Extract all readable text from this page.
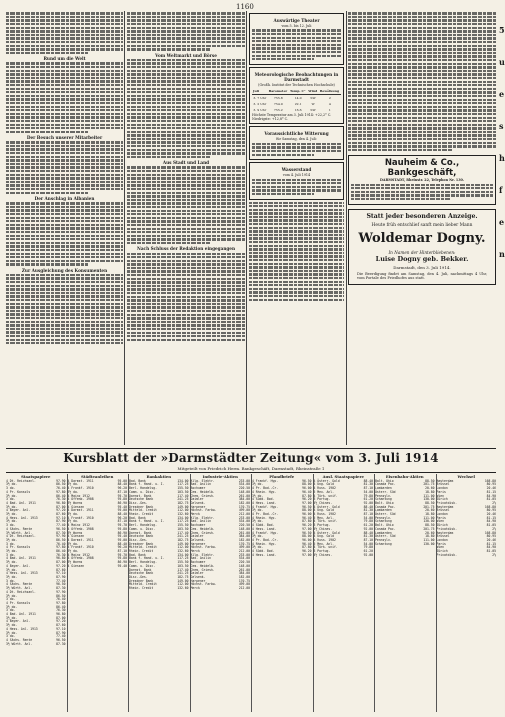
1160
Rund um die Welt
Der Besuch unserer Mitarbeiter
Der Anschlag in Albanien
Zur Ausgleichung des Konsumenten
Vom Weltmarkt und Börse
Aus Stadt und Land
Nach Schluss der Redaktion eingegangen
Auswärtige Theater
vom 5. bis 12. Juli
Meteorologische Beobachtungen in Darmstadt
(Großh. Institut der Technischen Hochschule)
Juli	Barometer	Temp. C°	Wind	Bewölkung
3. 7 Uhr	755.8	14.0	SW	2
3. 2 Uhr	754.9	22.1	W	4
3. 9 Uhr	755.2	16.6	SW	1
Höchste Temperatur am 3. Juli 1914: +22,2° C.
Niedrigste: +12,8° C.
Voraussichtliche Witterung
für Samstag, den 4. Juli:
Wasserstand
vom 4. Juli 1914
Nauheim & Co., Bankgeschäft,
DARMSTADT, Rheinstr. 22, Telephon Nr. 130.
Statt jeder besonderen Anzeige.
Heute früh entschlief sanft mein lieber Mann
Woldemar Dogny.
In Namen der Hinterbliebenen:
Luise Dogny geb. Bekker.
Darmstadt, den 3. Juli 1914.
Die Beerdigung findet am Samstag, den 4. Juli, nachmittags 4 Uhr, vom Portale des Friedhofes aus statt.
5
u
e
s
h
f
e
n
Kursblatt der »Darmstädter Zeitung« vom 3. Juli 1914
Mitgeteilt von Friedrich Herm. Bankgeschäft, Darmstadt, Rheinstraße 1
Staatspapiere
4 Dt. Reichsanl.	97.90
3½ do.	86.50
3 do.	76.40
4 Pr. Konsols	97.80
3½ do.	86.40
3 do.	76.30
4 Bad. Anl. 1911	96.80
3½ do.	87.00
4 Bayer. Anl.	97.20
3½ do.	87.60
4 Hess. Anl. 1913	97.10
3½ do.	87.90
3 do.	77.40
4 Sächs. Rente	96.50
3½ Württ. Anl.	87.30
4 Dt. Reichsanl.	97.90
3½ do.	86.50
3 do.	76.40
4 Pr. Konsols	97.80
3½ do.	86.40
3 do.	76.30
4 Bad. Anl. 1911	96.80
3½ do.	87.00
4 Bayer. Anl.	97.20
3½ do.	87.60
4 Hess. Anl. 1913	97.10
3½ do.	87.90
3 do.	77.40
4 Sächs. Rente	96.50
3½ Württ. Anl.	87.30
4 Dt. Reichsanl.	97.90
3½ do.	86.50
3 do.	76.40
4 Pr. Konsols	97.80
3½ do.	86.40
3 do.	76.30
4 Bad. Anl. 1911	96.80
3½ do.	87.00
4 Bayer. Anl.	97.20
3½ do.	87.60
4 Hess. Anl. 1913	97.10
3½ do.	87.90
3 do.	77.40
4 Sächs. Rente	96.50
3½ Württ. Anl.	87.30
Städteanleihen
4 Darmst. 1911	95.00
3½ do.	88.40
4 Frankf. 1910	96.20
3½ do.	87.10
4 Mainz 1912	95.70
4 Offenb. 1908	95.80
3½ Worms	86.90
4 Giessen	95.40
4 Darmst. 1911	95.00
3½ do.	88.40
4 Frankf. 1910	96.20
3½ do.	87.10
4 Mainz 1912	95.70
4 Offenb. 1908	95.80
3½ Worms	86.90
4 Giessen	95.40
4 Darmst. 1911	95.00
3½ do.	88.40
4 Frankf. 1910	96.20
3½ do.	87.10
4 Mainz 1912	95.70
4 Offenb. 1908	95.80
3½ Worms	86.90
4 Giessen	95.40
Bankaktien
Bad. Bank	134.00
Bank f. Hand. u. I.	117.25
Berl. Handelsg.	155.50
Comm. u. Disc.	103.50
Darmst. Bank	117.40
Deutsche Bank	241.25
Disc.-Ges.	182.75
Dresdner Bank	149.00
Mitteld. Credit	112.00
Rhein. Credit	132.60
Bad. Bank	134.00
Bank f. Hand. u. I.	117.25
Berl. Handelsg.	155.50
Comm. u. Disc.	103.50
Darmst. Bank	117.40
Deutsche Bank	241.25
Disc.-Ges.	182.75
Dresdner Bank	149.00
Mitteld. Credit	112.00
Rhein. Credit	132.60
Bad. Bank	134.00
Bank f. Hand. u. I.	117.25
Berl. Handelsg.	155.50
Comm. u. Disc.	103.50
Darmst. Bank	117.40
Deutsche Bank	241.25
Disc.-Ges.	182.75
Dresdner Bank	149.00
Mitteld. Credit	112.00
Rhein. Credit	132.60
Industrie-Aktien
Allg. Elektr.	233.00
Bad. Anilin	534.00
Bochumer	220.50
Cem. Heidelb.	148.00
Chem. Griesh.	261.00
Daimler	384.00
Gelsenk.	182.00
Harpener	170.75
Höchst. Farbw.	499.00
Merck	212.00
Allg. Elektr.	233.00
Bad. Anilin	534.00
Bochumer	220.50
Cem. Heidelb.	148.00
Chem. Griesh.	261.00
Daimler	384.00
Gelsenk.	182.00
Harpener	170.75
Höchst. Farbw.	499.00
Merck	212.00
Allg. Elektr.	233.00
Bad. Anilin	534.00
Bochumer	220.50
Cem. Heidelb.	148.00
Chem. Griesh.	261.00
Daimler	384.00
Gelsenk.	182.00
Harpener	170.75
Höchst. Farbw.	499.00
Merck	212.00
Pfandbriefe
4 Frankf. Hyp.	96.50
3½ do.	88.00
4 Pr. Bod.-Cr.	96.00
4 Rhein. Hyp.	96.40
3½ do.	87.80
4 Südd. Bod.	96.20
4 Hess. Land.	97.00
4 Frankf. Hyp.	96.50
3½ do.	88.00
4 Pr. Bod.-Cr.	96.00
4 Rhein. Hyp.	96.40
3½ do.	87.80
4 Südd. Bod.	96.20
4 Hess. Land.	97.00
4 Frankf. Hyp.	96.50
3½ do.	88.00
4 Pr. Bod.-Cr.	96.00
4 Rhein. Hyp.	96.40
3½ do.	87.80
4 Südd. Bod.	96.20
4 Hess. Land.	97.00
Ausl. Staatspapiere
4 Österr. Gold	88.40
4 Ung. Gold	81.30
4 Russ. 1902	87.10
5 Mex. Anl.	54.00
4 Türk. unif.	79.80
3 Portug.	61.20
4½ Chines.	92.00
4 Österr. Gold	88.40
4 Ung. Gold	81.30
4 Russ. 1902	87.10
5 Mex. Anl.	54.00
4 Türk. unif.	79.80
3 Portug.	61.20
4½ Chines.	92.00
4 Österr. Gold	88.40
4 Ung. Gold	81.30
4 Russ. 1902	87.10
5 Mex. Anl.	54.00
4 Türk. unif.	79.80
3 Portug.	61.20
4½ Chines.	92.00
Eisenbahn-Aktien
Balt. Ohio	88.50
Canada Pac.	201.75
Lombarden	20.60
Österr. Süd	18.80
Pennsylv.	111.00
Schantung	130.00
Balt. Ohio	88.50
Canada Pac.	201.75
Lombarden	20.60
Österr. Süd	18.80
Pennsylv.	111.00
Schantung	130.00
Balt. Ohio	88.50
Canada Pac.	201.75
Lombarden	20.60
Österr. Süd	18.80
Pennsylv.	111.00
Schantung	130.00
Wechsel
Amsterdam	168.80
Brüssel	80.95
London	20.46
Paris	81.15
Wien	84.90
Zürich	81.05
Privatdisk.	2⅞
Amsterdam	168.80
Brüssel	80.95
London	20.46
Paris	81.15
Wien	84.90
Zürich	81.05
Privatdisk.	2⅞
Amsterdam	168.80
Brüssel	80.95
London	20.46
Paris	81.15
Wien	84.90
Zürich	81.05
Privatdisk.	2⅞
